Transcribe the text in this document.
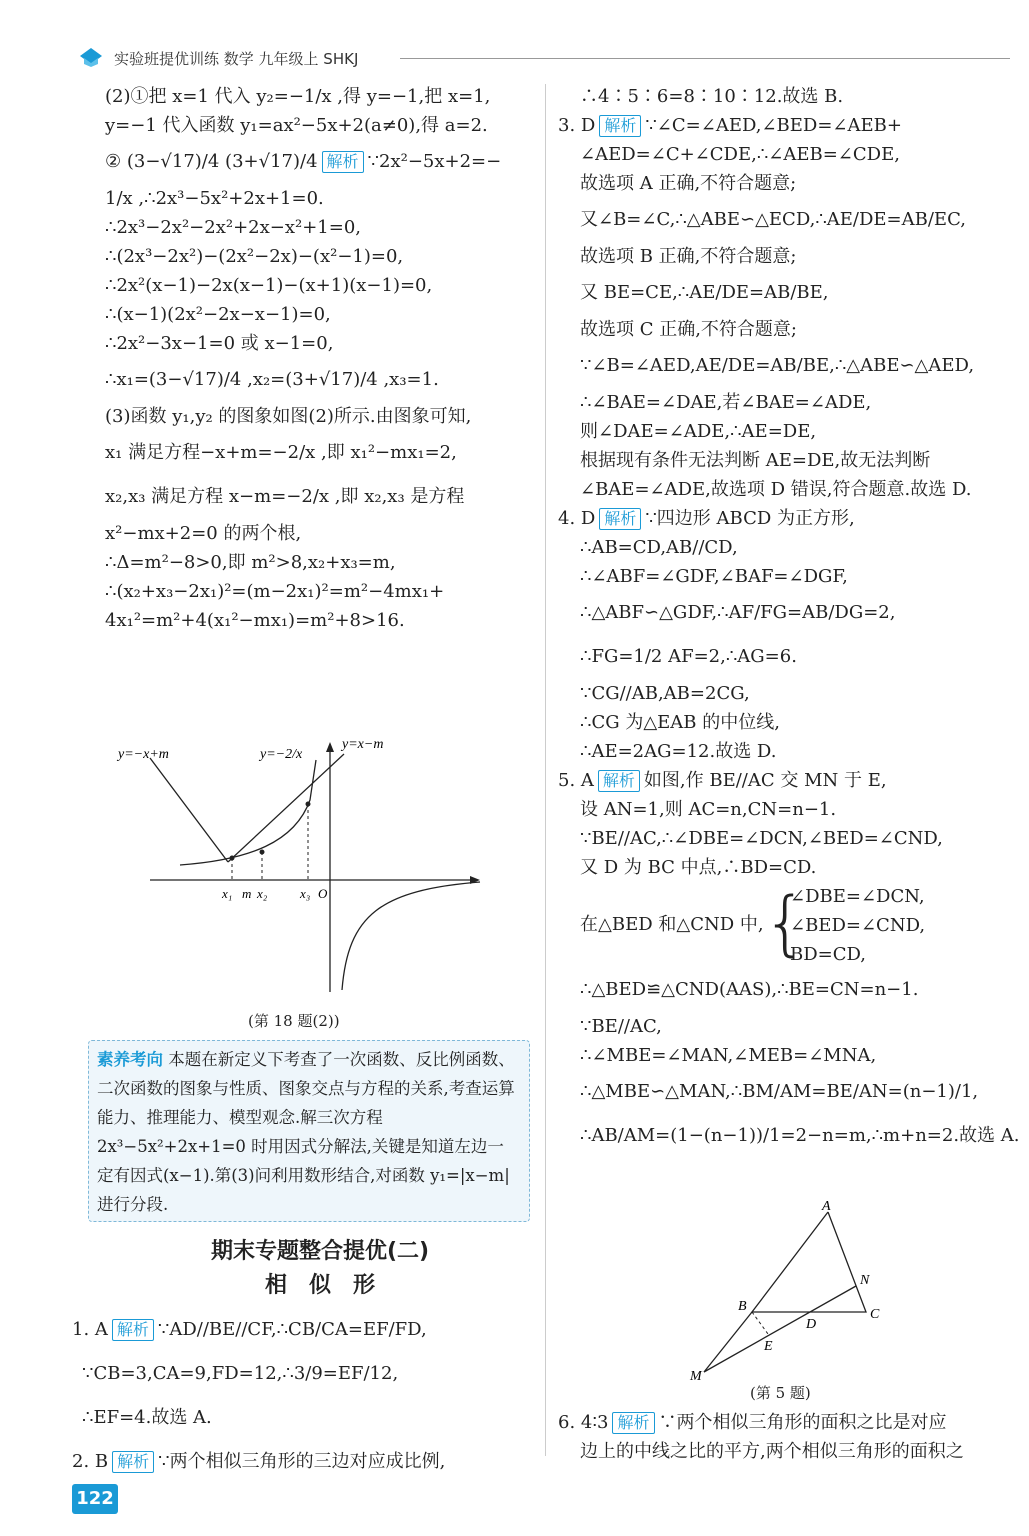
实验班提优训练 数学 九年级上 SHKJ
(2)①把 x=1 代入 y₂=−1/x ,得 y=−1,把 x=1,
y=−1 代入函数 y₁=ax²−5x+2(a≠0),得 a=2.
② (3−√17)/4 (3+√17)/4 解析 ∵2x²−5x+2=−
1/x ,∴2x³−5x²+2x+1=0.
∴2x³−2x²−2x²+2x−x²+1=0,
∴(2x³−2x²)−(2x²−2x)−(x²−1)=0,
∴2x²(x−1)−2x(x−1)−(x+1)(x−1)=0,
∴(x−1)(2x²−2x−x−1)=0,
∴2x²−3x−1=0 或 x−1=0,
∴x₁=(3−√17)/4 ,x₂=(3+√17)/4 ,x₃=1.
(3)函数 y₁,y₂ 的图象如图(2)所示.由图象可知,
x₁ 满足方程−x+m=−2/x ,即 x₁²−mx₁=2,
x₂,x₃ 满足方程 x−m=−2/x ,即 x₂,x₃ 是方程
x²−mx+2=0 的两个根,
∴Δ=m²−8>0,即 m²>8,x₂+x₃=m,
∴(x₂+x₃−2x₁)²=(m−2x₁)²=m²−4mx₁+
4x₁²=m²+4(x₁²−mx₁)=m²+8>16.
y=−x+m	y=−2/x
y=x−m
x₁ m x₂	x₃ O
(第 18 题(2))
素养考向 本题在新定义下考查了一次函数、反比例函数、二次函数的图象与性质、图象交点与方程的关系,考查运算能力、推理能力、模型观念.解三次方程 2x³−5x²+2x+1=0 时用因式分解法,关键是知道左边一定有因式(x−1).第(3)问利用数形结合,对函数 y₁=|x−m|进行分段.
期末专题整合提优(二)
相　似　形
1. A 解析 ∵AD//BE//CF,∴CB/CA=EF/FD,
∵CB=3,CA=9,FD=12,∴3/9=EF/12,
∴EF=4.故选 A.
2. B 解析 ∵两个相似三角形的三边对应成比例,
∴4∶5∶6=8∶10∶12.故选 B.
3. D 解析 ∵∠C=∠AED,∠BED=∠AEB+
∠AED=∠C+∠CDE,∴∠AEB=∠CDE,
故选项 A 正确,不符合题意;
又∠B=∠C,∴△ABE∽△ECD,∴AE/DE=AB/EC,
故选项 B 正确,不符合题意;
又 BE=CE,∴AE/DE=AB/BE,
故选项 C 正确,不符合题意;
∵∠B=∠AED,AE/DE=AB/BE,∴△ABE∽△AED,
∴∠BAE=∠DAE,若∠BAE=∠ADE,
则∠DAE=∠ADE,∴AE=DE,
根据现有条件无法判断 AE=DE,故无法判断
∠BAE=∠ADE,故选项 D 错误,符合题意.故选 D.
4. D 解析 ∵四边形 ABCD 为正方形,
∴AB=CD,AB//CD,
∴∠ABF=∠GDF,∠BAF=∠DGF,
∴△ABF∽△GDF,∴AF/FG=AB/DG=2,
∴FG=1/2 AF=2,∴AG=6.
∵CG//AB,AB=2CG,
∴CG 为△EAB 的中位线,
∴AE=2AG=12.故选 D.
5. A 解析 如图,作 BE//AC 交 MN 于 E,
设 AN=1,则 AC=n,CN=n−1.
∵BE//AC,∴∠DBE=∠DCN,∠BED=∠CND,
又 D 为 BC 中点,∴BD=CD.
在△BED 和△CND 中, {
∠DBE=∠DCN,
∠BED=∠CND,
BD=CD,
∴△BED≌△CND(AAS),∴BE=CN=n−1.
∵BE//AC,
∴∠MBE=∠MAN,∠MEB=∠MNA,
∴△MBE∽△MAN,∴BM/AM=BE/AN=(n−1)/1,
∴AB/AM=(1−(n−1))/1=2−n=m,∴m+n=2.故选 A.
A
N
B
D
C
E
M
(第 5 题)
6. 4∶3 解析 ∵两个相似三角形的面积之比是对应
边上的中线之比的平方,两个相似三角形的面积之
122
